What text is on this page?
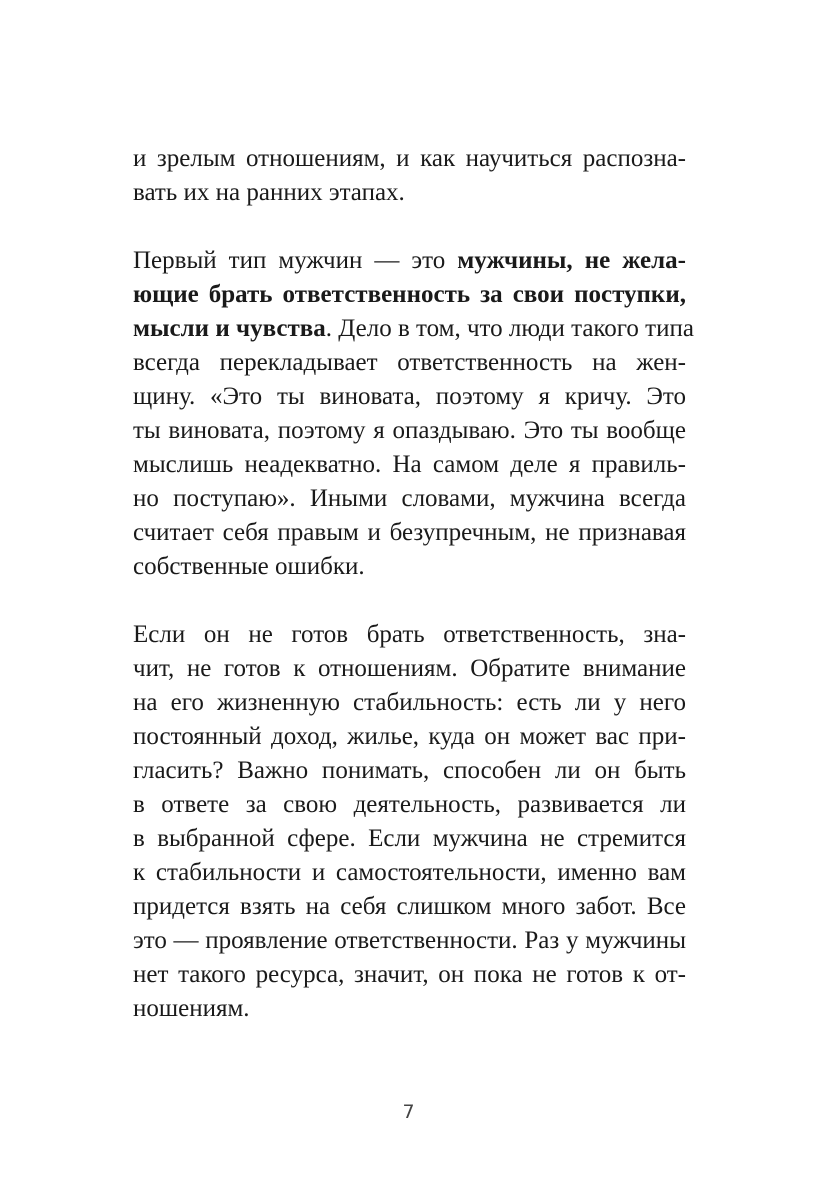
и зрелым отношениям, и как научиться распозна-
вать их на ранних этапах.
Первый тип мужчин — это мужчины, не жела-
ющие брать ответственность за свои поступки,
мысли и чувства. Дело в том, что люди такого типа
всегда перекладывает ответственность на жен-
щину. «Это ты виновата, поэтому я кричу. Это
ты виновата, поэтому я опаздываю. Это ты вообще
мыслишь неадекватно. На самом деле я правиль-
но поступаю». Иными словами, мужчина всегда
считает себя правым и безупречным, не признавая
собственные ошибки.
Если он не готов брать ответственность, зна-
чит, не готов к отношениям. Обратите внимание
на его жизненную стабильность: есть ли у него
постоянный доход, жилье, куда он может вас при-
гласить? Важно понимать, способен ли он быть
в ответе за свою деятельность, развивается ли
в выбранной сфере. Если мужчина не стремится
к стабильности и самостоятельности, именно вам
придется взять на себя слишком много забот. Все
это — проявление ответственности. Раз у мужчины
нет такого ресурса, значит, он пока не готов к от-
ношениям.
7
